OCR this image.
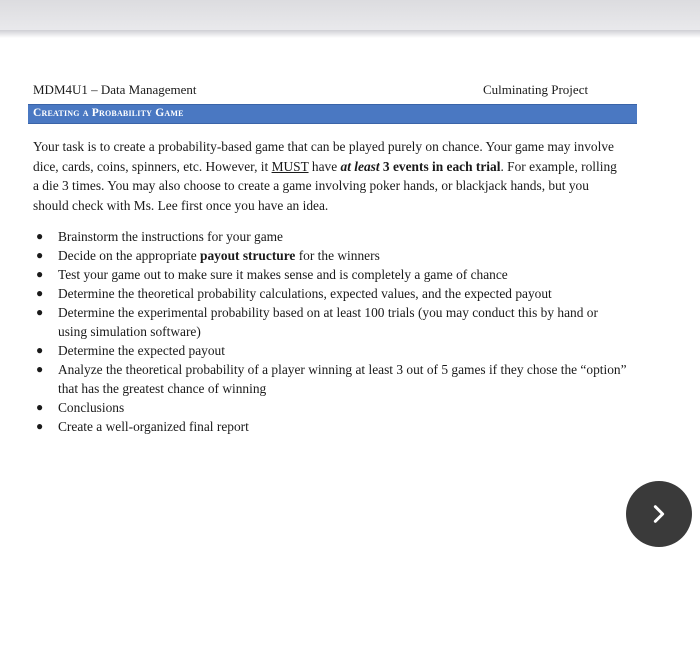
MDM4U1 – Data Management	Culminating Project
Creating a Probability Game
Your task is to create a probability-based game that can be played purely on chance. Your game may involve dice, cards, coins, spinners, etc. However, it MUST have at least 3 events in each trial. For example, rolling a die 3 times. You may also choose to create a game involving poker hands, or blackjack hands, but you should check with Ms. Lee first once you have an idea.
● Brainstorm the instructions for your game
● Decide on the appropriate payout structure for the winners
● Test your game out to make sure it makes sense and is completely a game of chance
● Determine the theoretical probability calculations, expected values, and the expected payout
● Determine the experimental probability based on at least 100 trials (you may conduct this by hand or using simulation software)
● Determine the expected payout
● Analyze the theoretical probability of a player winning at least 3 out of 5 games if they chose the “option” that has the greatest chance of winning
● Conclusions
● Create a well-organized final report
